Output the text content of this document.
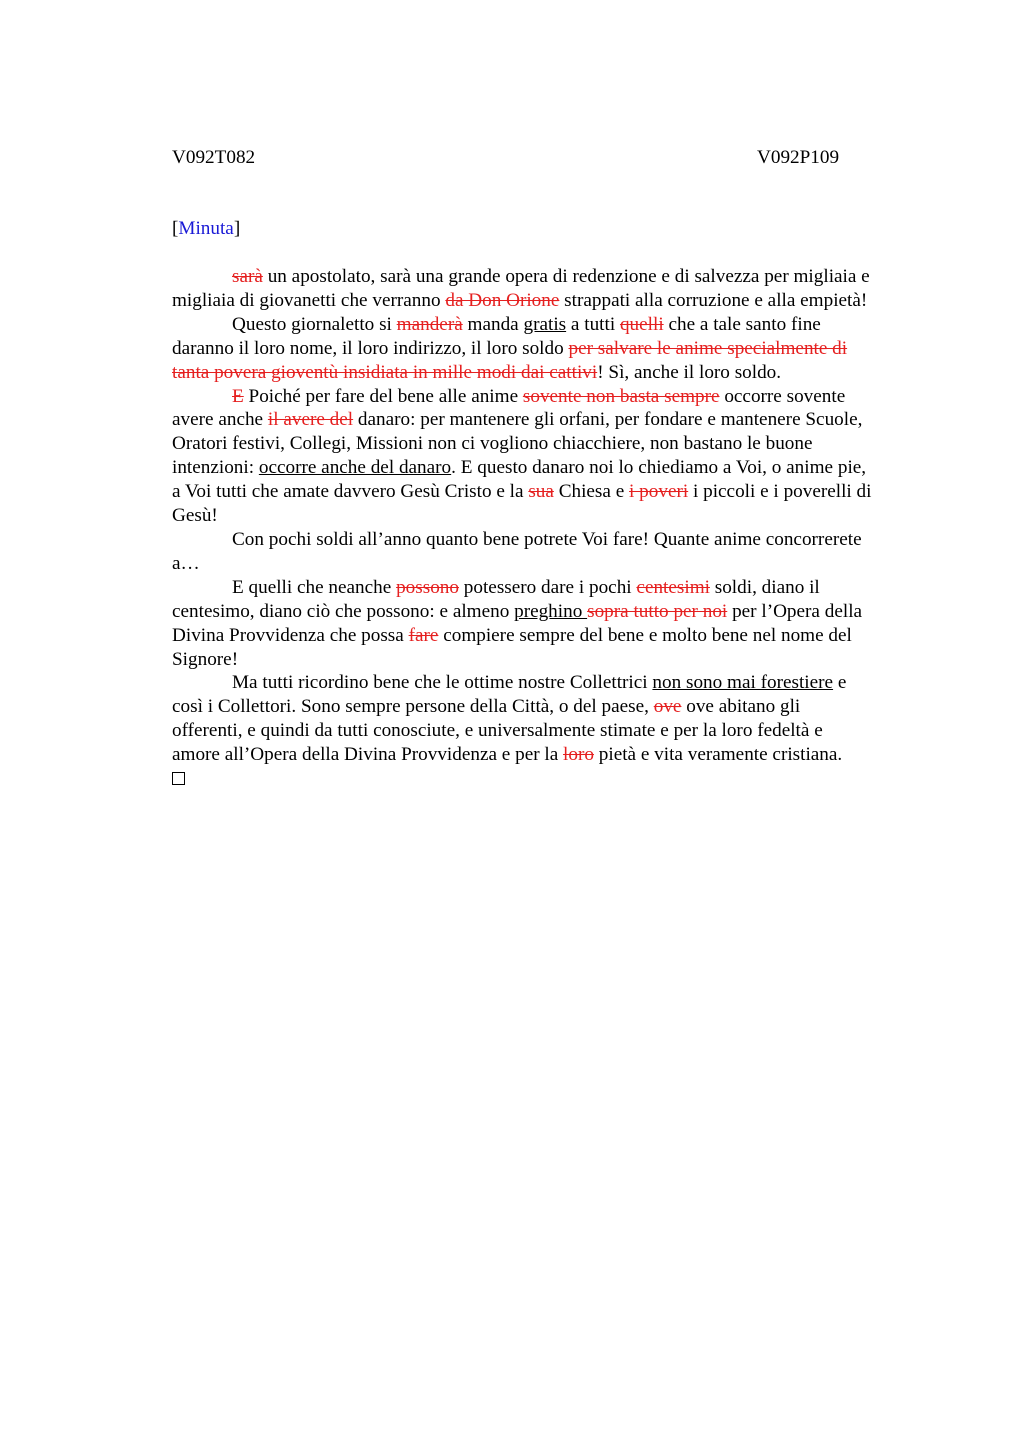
V092T082	V092P109
[Minuta]
sarà un apostolato, sarà una grande opera di redenzione e di salvezza per migliaia e
migliaia di giovanetti che verranno da Don Orione strappati alla corruzione e alla empietà!
Questo giornaletto si manderà manda gratis a tutti quelli che a tale santo fine
daranno il loro nome, il loro indirizzo, il loro soldo per salvare le anime specialmente di
tanta povera gioventù insidiata in mille modi dai cattivi! Sì, anche il loro soldo.
E Poiché per fare del bene alle anime sovente non basta sempre occorre sovente
avere anche il avere del danaro: per mantenere gli orfani, per fondare e mantenere Scuole,
Oratori festivi, Collegi, Missioni non ci vogliono chiacchiere, non bastano le buone
intenzioni: occorre anche del danaro. E questo danaro noi lo chiediamo a Voi, o anime pie,
a Voi tutti che amate davvero Gesù Cristo e la sua Chiesa e i poveri i piccoli e i poverelli di
Gesù!
Con pochi soldi all’anno quanto bene potrete Voi fare! Quante anime concorrerete
a…
E quelli che neanche possono potessero dare i pochi centesimi soldi, diano il
centesimo, diano ciò che possono: e almeno preghino sopra tutto per noi per l’Opera della
Divina Provvidenza che possa fare compiere sempre del bene e molto bene nel nome del
Signore!
Ma tutti ricordino bene che le ottime nostre Collettrici non sono mai forestiere e
così i Collettori. Sono sempre persone della Città, o del paese, ove ove abitano gli
offerenti, e quindi da tutti conosciute, e universalmente stimate e per la loro fedeltà e
amore all’Opera della Divina Provvidenza e per la loro pietà e vita veramente cristiana.
